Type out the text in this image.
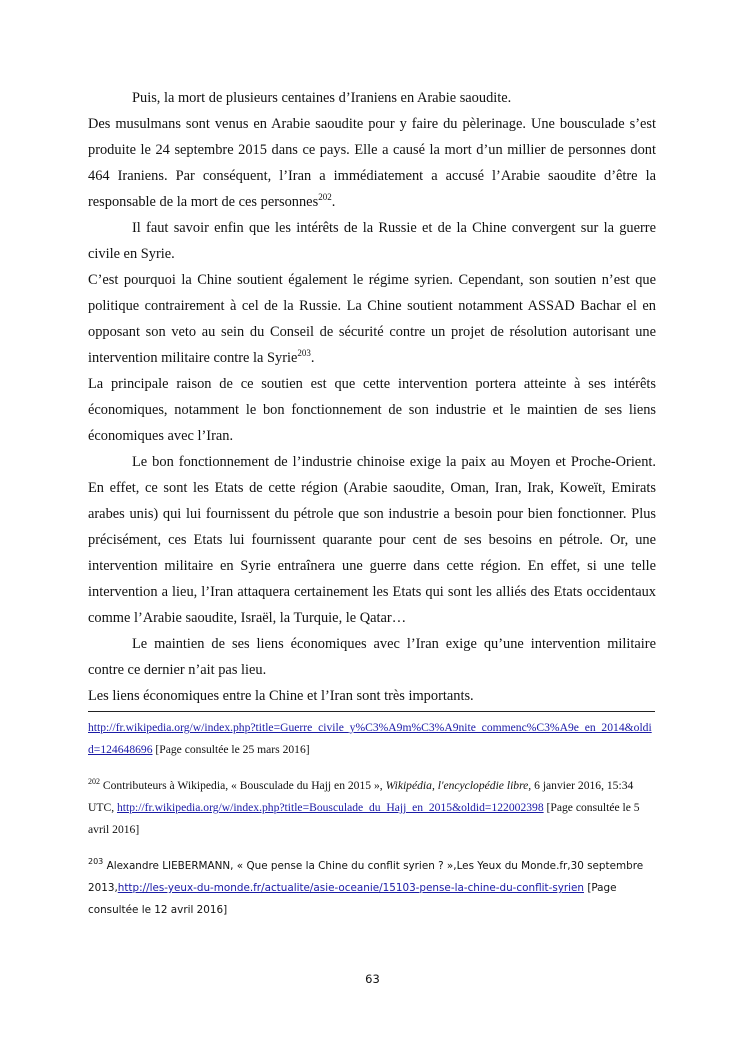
Puis, la mort de plusieurs centaines d’Iraniens en Arabie saoudite.

Des musulmans sont venus en Arabie saoudite pour y faire du pèlerinage. Une bousculade s’est produite le 24 septembre 2015 dans ce pays. Elle a causé la mort d’un millier de personnes dont 464 Iraniens. Par conséquent, l’Iran a immédiatement a accusé l’Arabie saoudite d’être la responsable de la mort de ces personnes$^{202}$.

Il faut savoir enfin que les intérêts de la Russie et de la Chine convergent sur la guerre civile en Syrie.

C’est pourquoi la Chine soutient également le régime syrien. Cependant, son soutien n’est que politique contrairement à cel de la Russie. La Chine soutient notamment ASSAD Bachar el en opposant son veto au sein du Conseil de sécurité contre un projet de résolution autorisant une intervention militaire contre la Syrie$^{203}$.

La principale raison de ce soutien est que cette intervention portera atteinte à ses intérêts économiques, notamment le bon fonctionnement de son industrie et le maintien de ses liens économiques avec l’Iran.

Le bon fonctionnement de l’industrie chinoise exige la paix au Moyen et Proche-Orient. En effet, ce sont les Etats de cette région (Arabie saoudite, Oman, Iran, Irak, Koweït, Emirats arabes unis) qui lui fournissent du pétrole que son industrie a besoin pour bien fonctionner. Plus précisément, ces Etats lui fournissent quarante pour cent de ses besoins en pétrole. Or, une intervention militaire en Syrie entraînera une guerre dans cette région. En effet, si une telle intervention a lieu, l’Iran attaquera certainement les Etats qui sont les alliés des Etats occidentaux comme l’Arabie saoudite, Israël, la Turquie, le Qatar…

Le maintien de ses liens économiques avec l’Iran exige qu’une intervention militaire contre ce dernier n’ait pas lieu.

Les liens économiques entre la Chine et l’Iran sont très importants.

http://fr.wikipedia.org/w/index.php?title=Guerre_civile_y%C3%A9m%C3%A9nite_commenc%C3%A9e_en_2014&oldid=124648696 [Page consultée le 25 mars 2016]

$^{202}$ Contributeurs à Wikipedia, « Bousculade du Hajj en 2015 », Wikipédia, l'encyclopédie libre, 6 janvier 2016, 15:34 UTC, http://fr.wikipedia.org/w/index.php?title=Bousculade_du_Hajj_en_2015&oldid=122002398 [Page consultée le 5 avril 2016]

$^{203}$ Alexandre LIEBERMANN, « Que pense la Chine du conflit syrien ? »,Les Yeux du Monde.fr,30 septembre 2013,http://les-yeux-du-monde.fr/actualite/asie-oceanie/15103-pense-la-chine-du-conflit-syrien [Page consultée le 12 avril 2016]

63
